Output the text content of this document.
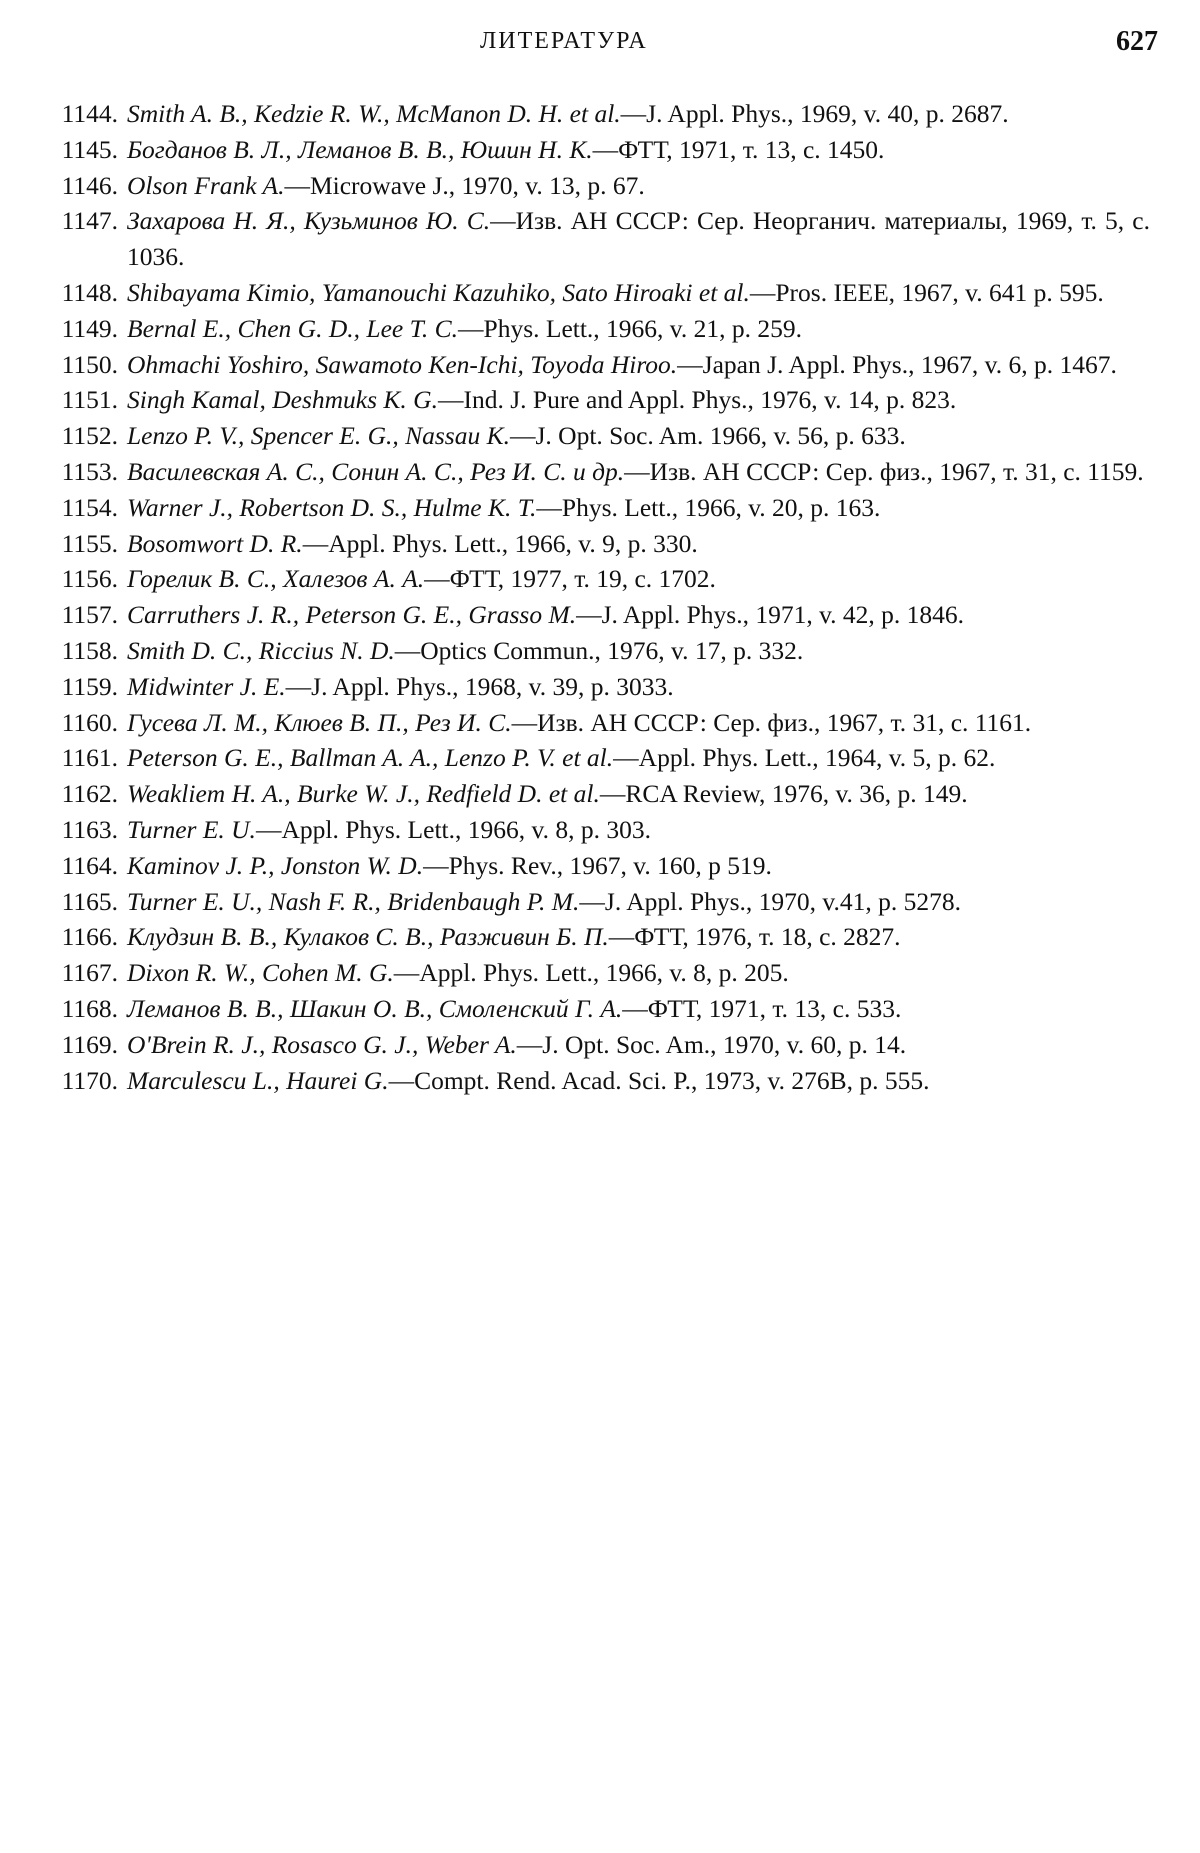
ЛИТЕРАТУРА	627
1144. Smith A. B., Kedzie R. W., McManon D. H. et al.—J. Appl. Phys., 1969, v. 40, p. 2687.
1145. Богданов В. Л., Леманов В. В., Юшин Н. К.—ФТТ, 1971, т. 13, с. 1450.
1146. Olson Frank A.—Microwave J., 1970, v. 13, p. 67.
1147. Захарова Н. Я., Кузьминов Ю. С.—Изв. АН СССР: Сер. Неорганич. материалы, 1969, т. 5, с. 1036.
1148. Shibayama Kimio, Yamanouchi Kazuhiko, Sato Hiroaki et al.—Pros. IEEE, 1967, v. 641 p. 595.
1149. Bernal E., Chen G. D., Lee T. C.—Phys. Lett., 1966, v. 21, p. 259.
1150. Ohmachi Yoshiro, Sawamoto Ken-Ichi, Toyoda Hiroo.—Japan J. Appl. Phys., 1967, v. 6, p. 1467.
1151. Singh Kamal, Deshmuks K. G.—Ind. J. Pure and Appl. Phys., 1976, v. 14, p. 823.
1152. Lenzo P. V., Spencer E. G., Nassau K.—J. Opt. Soc. Am. 1966, v. 56, p. 633.
1153. Василевская А. С., Сонин А. С., Рез И. С. и др.—Изв. АН СССР: Сер. физ., 1967, т. 31, с. 1159.
1154. Warner J., Robertson D. S., Hulme K. T.—Phys. Lett., 1966, v. 20, p. 163.
1155. Bosomwort D. R.—Appl. Phys. Lett., 1966, v. 9, p. 330.
1156. Горелик В. С., Халезов А. А.—ФТТ, 1977, т. 19, с. 1702.
1157. Carruthers J. R., Peterson G. E., Grasso M.—J. Appl. Phys., 1971, v. 42, p. 1846.
1158. Smith D. C., Riccius N. D.—Optics Commun., 1976, v. 17, p. 332.
1159. Midwinter J. E.—J. Appl. Phys., 1968, v. 39, p. 3033.
1160. Гусева Л. М., Клюев В. П., Рез И. С.—Изв. АН СССР: Сер. физ., 1967, т. 31, с. 1161.
1161. Peterson G. E., Ballman A. A., Lenzo P. V. et al.—Appl. Phys. Lett., 1964, v. 5, p. 62.
1162. Weakliem H. A., Burke W. J., Redfield D. et al.—RCA Review, 1976, v. 36, p. 149.
1163. Turner E. U.—Appl. Phys. Lett., 1966, v. 8, p. 303.
1164. Kaminov J. P., Jonston W. D.—Phys. Rev., 1967, v. 160, p 519.
1165. Turner E. U., Nash F. R., Bridenbaugh P. M.—J. Appl. Phys., 1970, v.41, p. 5278.
1166. Клудзин В. В., Кулаков С. В., Разживин Б. П.—ФТТ, 1976, т. 18, с. 2827.
1167. Dixon R. W., Cohen M. G.—Appl. Phys. Lett., 1966, v. 8, p. 205.
1168. Леманов В. В., Шакин О. В., Смоленский Г. А.—ФТТ, 1971, т. 13, с. 533.
1169. O'Brein R. J., Rosasco G. J., Weber A.—J. Opt. Soc. Am., 1970, v. 60, p. 14.
1170. Marculescu L., Haurei G.—Compt. Rend. Acad. Sci. P., 1973, v. 276B, p. 555.
